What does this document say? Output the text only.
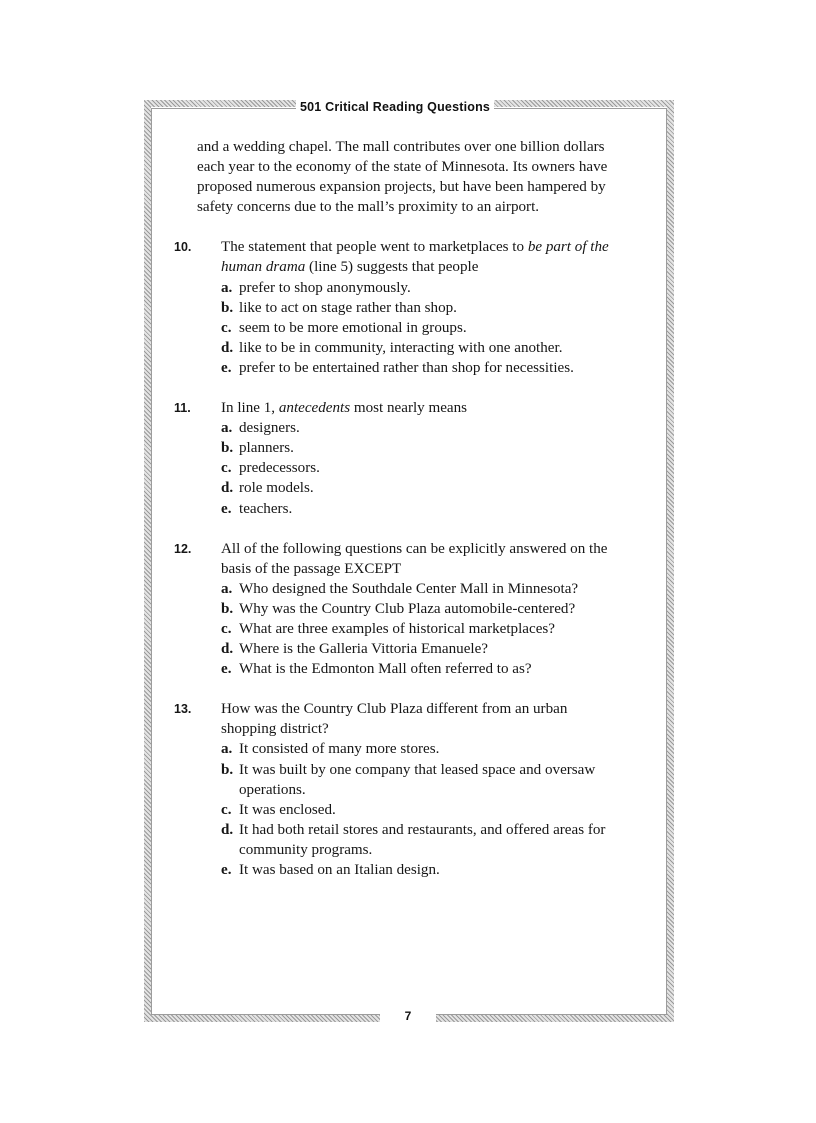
501 Critical Reading Questions
7

and a wedding chapel. The mall contributes over one billion dollars
each year to the economy of the state of Minnesota. Its owners have
proposed numerous expansion projects, but have been hampered by
safety concerns due to the mall’s proximity to an airport.

10. The statement that people went to marketplaces to be part of the
human drama (line 5) suggests that people
a. prefer to shop anonymously.
b. like to act on stage rather than shop.
c. seem to be more emotional in groups.
d. like to be in community, interacting with one another.
e. prefer to be entertained rather than shop for necessities.
11. In line 1, antecedents most nearly means
a. designers.
b. planners.
c. predecessors.
d. role models.
e. teachers.
12. All of the following questions can be explicitly answered on the
basis of the passage EXCEPT
a. Who designed the Southdale Center Mall in Minnesota?
b. Why was the Country Club Plaza automobile-centered?
c. What are three examples of historical marketplaces?
d. Where is the Galleria Vittoria Emanuele?
e. What is the Edmonton Mall often referred to as?
13. How was the Country Club Plaza different from an urban
shopping district?
a. It consisted of many more stores.
b. It was built by one company that leased space and oversaw
operations.
c. It was enclosed.
d. It had both retail stores and restaurants, and offered areas for
community programs.
e. It was based on an Italian design.
